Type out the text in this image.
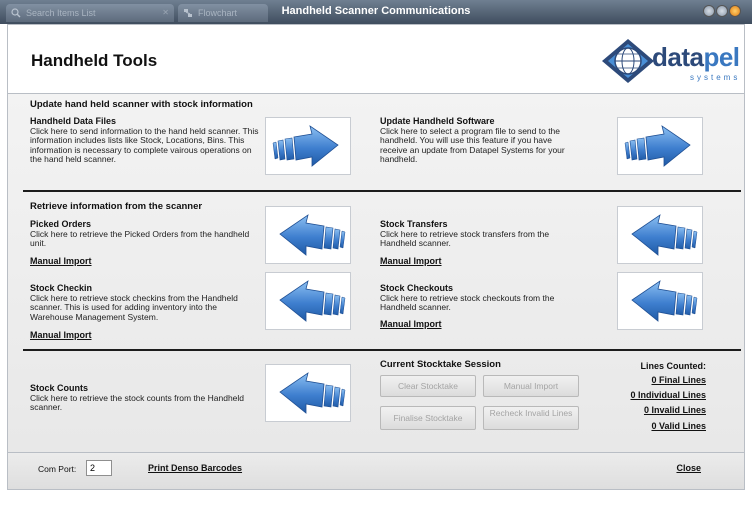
Search Items List	✕	Flowchart	Handheld Scanner Communications
Handheld Tools	datapel
systems
Update hand held scanner with stock information
Handheld Data Files
Click here to send information to the hand held scanner. This information includes lists like Stock, Locations, Bins. This information is necessary to complete vairous operations on the hand held scanner.
Update Handheld Software
Click here to select a program file to send to the handheld. You will use this feature if you have receive an update from Datapel Systems for your handheld.
Retrieve information from the scanner
Picked Orders
Click here to retrieve the Picked Orders from the handheld unit.
Manual Import
Stock Transfers
Click here to retrieve stock transfers from the Handheld scanner.
Manual Import
Stock Checkin
Click here to retrieve stock checkins from the Handheld scanner. This is used for adding inventory into the Warehouse Management System.
Manual Import
Stock Checkouts
Click here to retrieve stock checkouts from the Handheld scanner.
Manual Import
Stock Counts
Click here to retrieve the stock counts from the Handheld scanner.
Current Stocktake Session
Clear Stocktake	Manual Import
Finalise Stocktake	Recheck Invalid Lines
Lines Counted:
0 Final Lines
0 Individual Lines
0 Invalid Lines
0 Valid Lines
Com Port:
2	Print Denso Barcodes	Close
